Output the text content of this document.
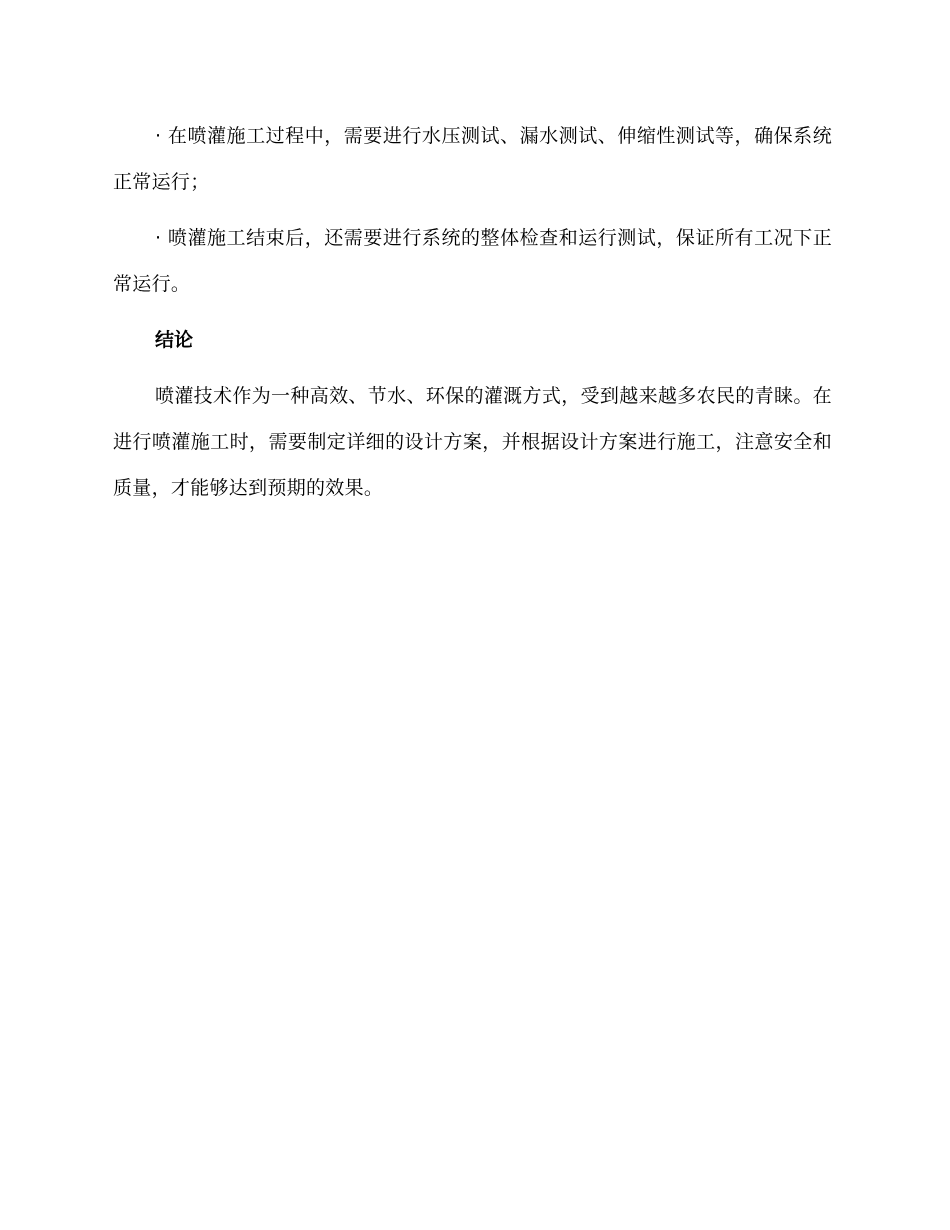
· 在喷灌施工过程中，需要进行水压测试、漏水测试、伸缩性测试等，确保系统正常运行；

· 喷灌施工结束后，还需要进行系统的整体检查和运行测试，保证所有工况下正常运行。

结论

喷灌技术作为一种高效、节水、环保的灌溉方式，受到越来越多农民的青睐。在进行喷灌施工时，需要制定详细的设计方案，并根据设计方案进行施工，注意安全和质量，才能够达到预期的效果。
